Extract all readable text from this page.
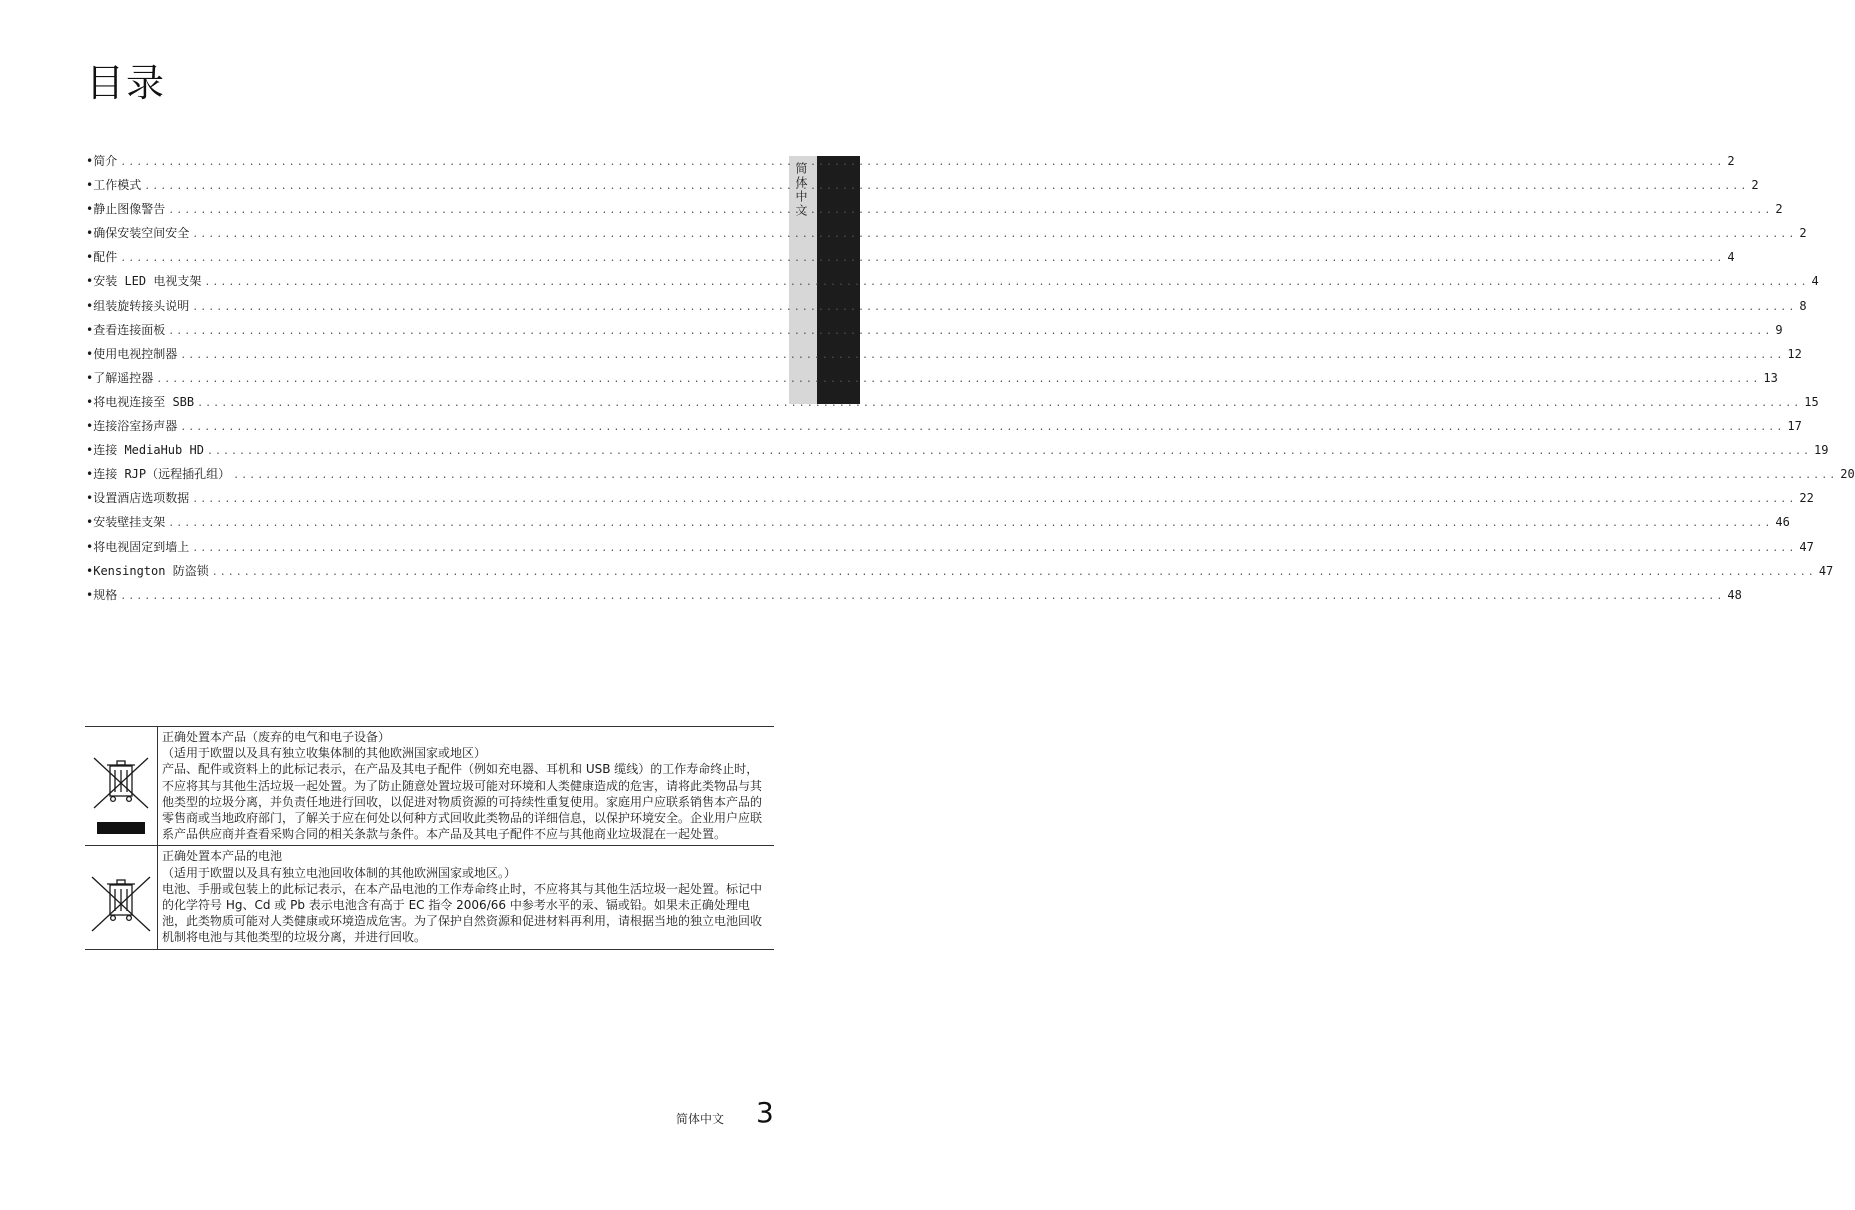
目录
简体中文
• 简介 ........................................................................................................................................................................................................ 2
• 工作模式 ........................................................................................................................................................................................................ 2
• 静止图像警告 ........................................................................................................................................................................................................ 2
• 确保安装空间安全 ........................................................................................................................................................................................................ 2
• 配件 ........................................................................................................................................................................................................ 4
• 安装 LED 电视支架 ........................................................................................................................................................................................................ 4
• 组装旋转接头说明 ........................................................................................................................................................................................................ 8
• 查看连接面板 ........................................................................................................................................................................................................ 9
• 使用电视控制器 ........................................................................................................................................................................................................ 12
• 了解遥控器 ........................................................................................................................................................................................................ 13
• 将电视连接至 SBB ........................................................................................................................................................................................................ 15
• 连接浴室扬声器 ........................................................................................................................................................................................................ 17
• 连接 MediaHub HD ........................................................................................................................................................................................................ 19
• 连接 RJP（远程插孔组） ........................................................................................................................................................................................................ 20
• 设置酒店选项数据 ........................................................................................................................................................................................................ 22
• 安装壁挂支架 ........................................................................................................................................................................................................ 46
• 将电视固定到墙上 ........................................................................................................................................................................................................ 47
• Kensington 防盗锁 ........................................................................................................................................................................................................ 47
• 规格 ........................................................................................................................................................................................................ 48

正确处置本产品（废弃的电气和电子设备）
（适用于欧盟以及具有独立收集体制的其他欧洲国家或地区）
产品、配件或资料上的此标记表示，在产品及其电子配件（例如充电器、耳机和 USB 缆线）的工作寿命终止时，不应将其与其他生活垃圾一起处置。为了防止随意处置垃圾可能对环境和人类健康造成的危害，请将此类物品与其他类型的垃圾分离，并负责任地进行回收，以促进对物质资源的可持续性重复使用。家庭用户应联系销售本产品的零售商或当地政府部门，了解关于应在何处以何种方式回收此类物品的详细信息，以保护环境安全。企业用户应联系产品供应商并查看采购合同的相关条款与条件。本产品及其电子配件不应与其他商业垃圾混在一起处置。

正确处置本产品的电池
（适用于欧盟以及具有独立电池回收体制的其他欧洲国家或地区。）
电池、手册或包装上的此标记表示，在本产品电池的工作寿命终止时，不应将其与其他生活垃圾一起处置。标记中的化学符号 Hg、Cd 或 Pb 表示电池含有高于 EC 指令 2006/66 中参考水平的汞、镉或铅。如果未正确处理电池，此类物质可能对人类健康或环境造成危害。为了保护自然资源和促进材料再利用，请根据当地的独立电池回收机制将电池与其他类型的垃圾分离，并进行回收。
简体中文 3
